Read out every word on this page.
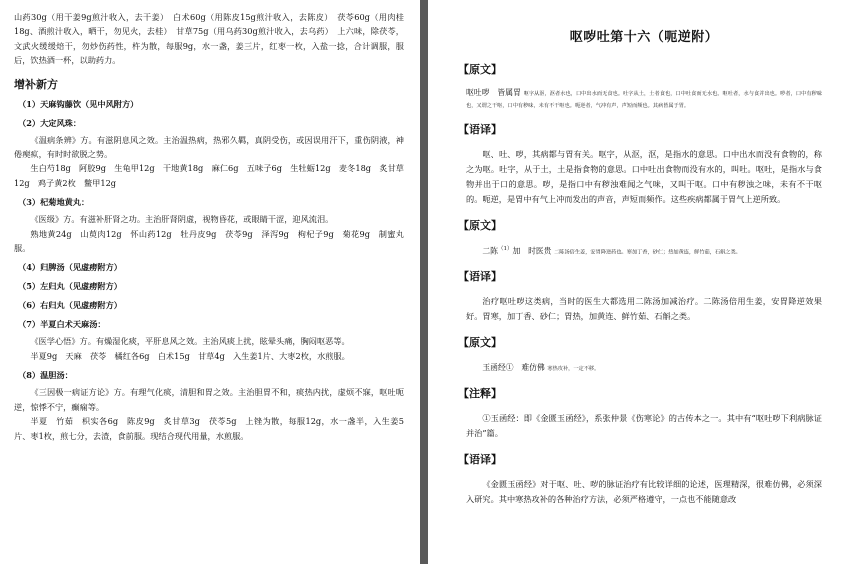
山药30g（用干姜9g煎汁收入，去干姜）　白术60g（用陈皮15g煎汁收入，去陈皮）　茯苓60g（用肉桂18g、酒煎汁收入，晒干，勿见火，去桂）　甘草75g（用乌药30g煎汁收入，去乌药）　上六味，除茯苓，文武火缓缓焙干，勿炒伤药性，杵为散，每服9g，水一盏，姜三片，红枣一枚，入盐一捻，合计调服，服后，饮热酒一杯，以助药力。

增补新方
（1）天麻钩藤饮（见中风附方）
（2）大定风珠：

《温病条辨》方。有滋阴息风之效。主治温热病，热邪久羁，真阴受伤，或因误用汗下，重伤阴液，神倦瘈疭，有时时欲脱之势。

生白芍18g　阿胶9g　生龟甲12g　干地黄18g　麻仁6g　五味子6g　生牡蛎12g　麦冬18g　炙甘草12g　鸡子黄2枚　鳖甲12g

（3）杞菊地黄丸：

《医级》方。有滋补肝肾之功。主治肝肾阴虚，视物昏花，或眼睛干涩，迎风流泪。

熟地黄24g　山萸肉12g　怀山药12g　牡丹皮9g　茯苓9g　泽泻9g　枸杞子9g　菊花9g　制蜜丸服。

（4）归脾汤（见虚痨附方）
（5）左归丸（见虚痨附方）
（6）右归丸（见虚痨附方）
（7）半夏白术天麻汤：

《医学心悟》方。有燥湿化痰，平肝息风之效。主治风痰上扰，眩晕头痛，胸闷呕恶等。

半夏9g　天麻　茯苓　橘红各6g　白术15g　甘草4g　入生姜1片、大枣2枚，水煎服。

（8）温胆汤：

《三因极一病证方论》方。有理气化痰，清胆和胃之效。主治胆胃不和，痰热内扰，虚烦不寐，呕吐呃逆，惊悸不宁，癫痫等。

半夏　竹茹　枳实各6g　陈皮9g　炙甘草3g　茯苓5g　上锉为散，每服12g，水一盏半，入生姜5片、枣1枚，煎七分，去渣，食前服。现结合现代用量，水煎服。

呕哕吐第十六（呃逆附）
【原文】

呕吐哕　皆属胃 呕字从沤，沤者水也，口中出水而无食也。吐字从土，土者食也，口中吐食而无水也。呕吐者，水与食并出也。哕者，口中有秽味也，又谓之干呕，口中有秽味，未有不干呕也。呃逆者，气冲有声，声短而频也。其病皆属于胃。

【语译】

呕、吐、哕，其病都与胃有关。呕字，从沤，沤，是指水的意思。口中出水而没有食物的，称之为呕。吐字，从于土，土是指食物的意思。口中吐出食物而没有水的，叫吐。呕吐，是指水与食物并出于口的意思。哕，是指口中有秽浊难闻之气味，又叫干呕。口中有秽浊之味，未有不干呕的。呃逆，是胃中有气上冲而发出的声音，声短而频作。这些疾病都属于胃气上逆所致。

【原文】

二陈$^{(1)}$加　时医贵 二陈汤倍生姜，安胃降逆药也。寒加丁香，砂仁；热加黄连，鲜竹茹，石斛之类。

【语译】

治疗呕吐哕这类病，当时的医生大都选用二陈汤加减治疗。二陈汤倍用生姜，安胃降逆效果好。胃寒，加丁香、砂仁；胃热，加黄连、鲜竹茹、石斛之类。

【原文】

玉函经①　难仿佛 寒热攻补，一定不移。

【注释】

①玉函经：即《金匮玉函经》，系张仲景《伤寒论》的古传本之一。其中有“呕吐哕下利病脉证并治”篇。

【语译】

《金匮玉函经》对于呕、吐、哕的脉证治疗有比较详细的论述，医理精深，很难仿佛，必须深入研究。其中寒热攻补的各种治疗方法，必须严格遵守，一点也不能随意改
